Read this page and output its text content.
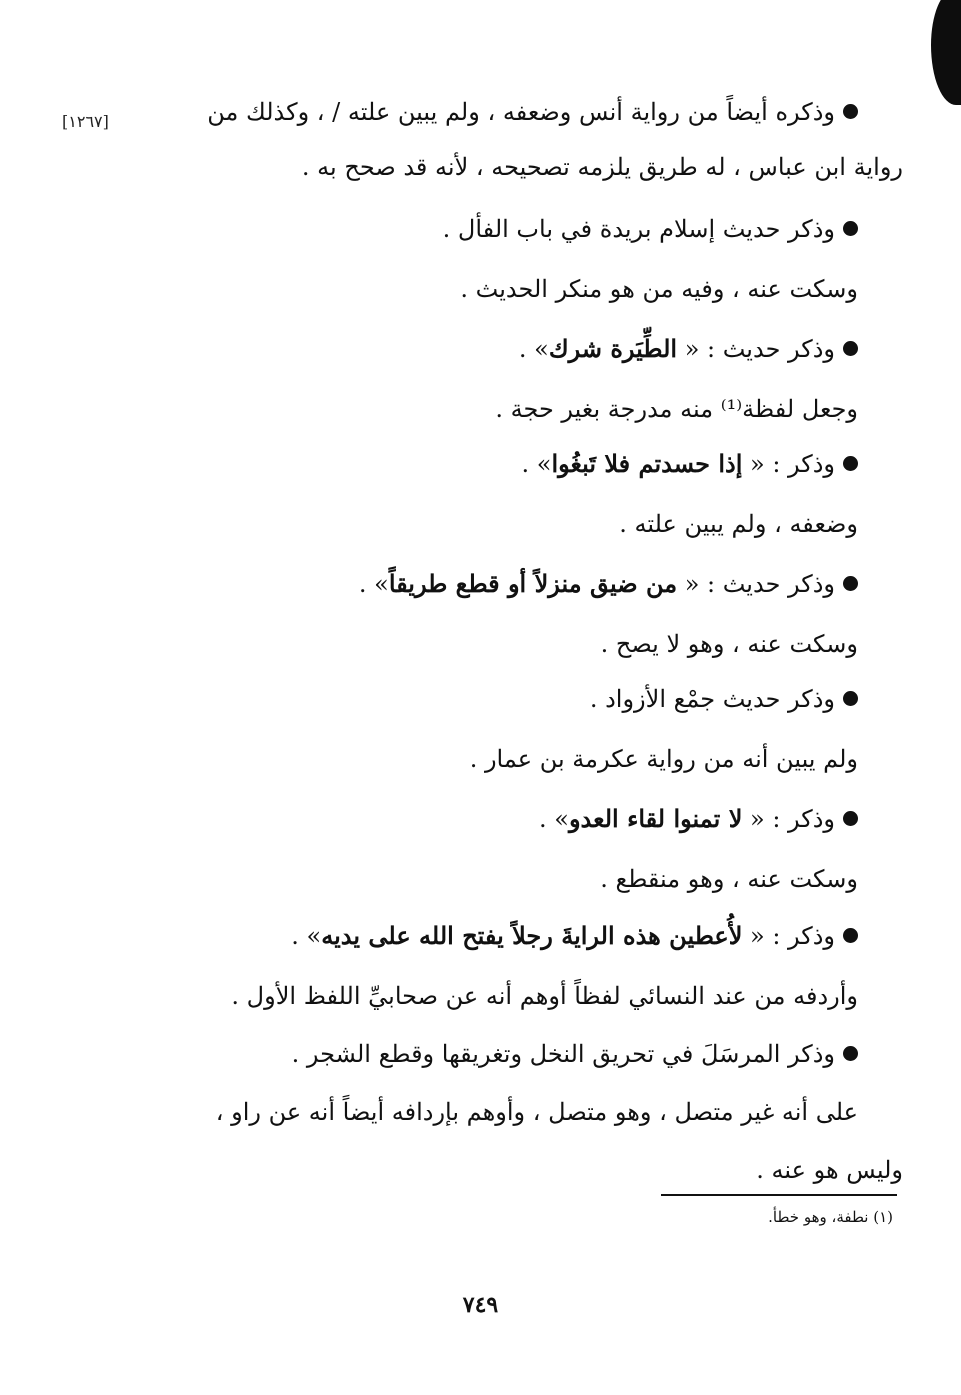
[١٢٦٧]	وذكره أيضاً من رواية أنس وضعفه ، ولم يبين علته / ، وكذلك من
رواية ابن عباس ، له طريق يلزمه تصحيحه ، لأنه قد صحح به .
وذكر حديث إسلام بريدة في باب الفأل .
وسكت عنه ، وفيه من هو منكر الحديث .
وذكر حديث : « الطِّيَرة شرك» .
وجعل لفظة⁽¹⁾ منه مدرجة بغير حجة .
وذكر : « إذا حسدتم فلا تَبغُوا» .
وضعفه ، ولم يبين علته .
وذكر حديث : « من ضيق منزلاً أو قطع طريقاً» .
وسكت عنه ، وهو لا يصح .
وذكر حديث جمْع الأزواد .
ولم يبين أنه من رواية عكرمة بن عمار .
وذكر : « لا تمنوا لقاء العدو» .
وسكت عنه ، وهو منقطع .
وذكر : « لأُعطين هذه الرايةَ رجلاً يفتح الله على يديه» .
وأردفه من عند النسائي لفظاً أوهم أنه عن صحابيِّ اللفظ الأول .
وذكر المرسَلَ في تحريق النخل وتغريقها وقطع الشجر .
على أنه غير متصل ، وهو متصل ، وأوهم بإردافه أيضاً أنه عن راو ،
وليس هو عنه .
(١) نطفة، وهو خطأ.
٧٤٩
